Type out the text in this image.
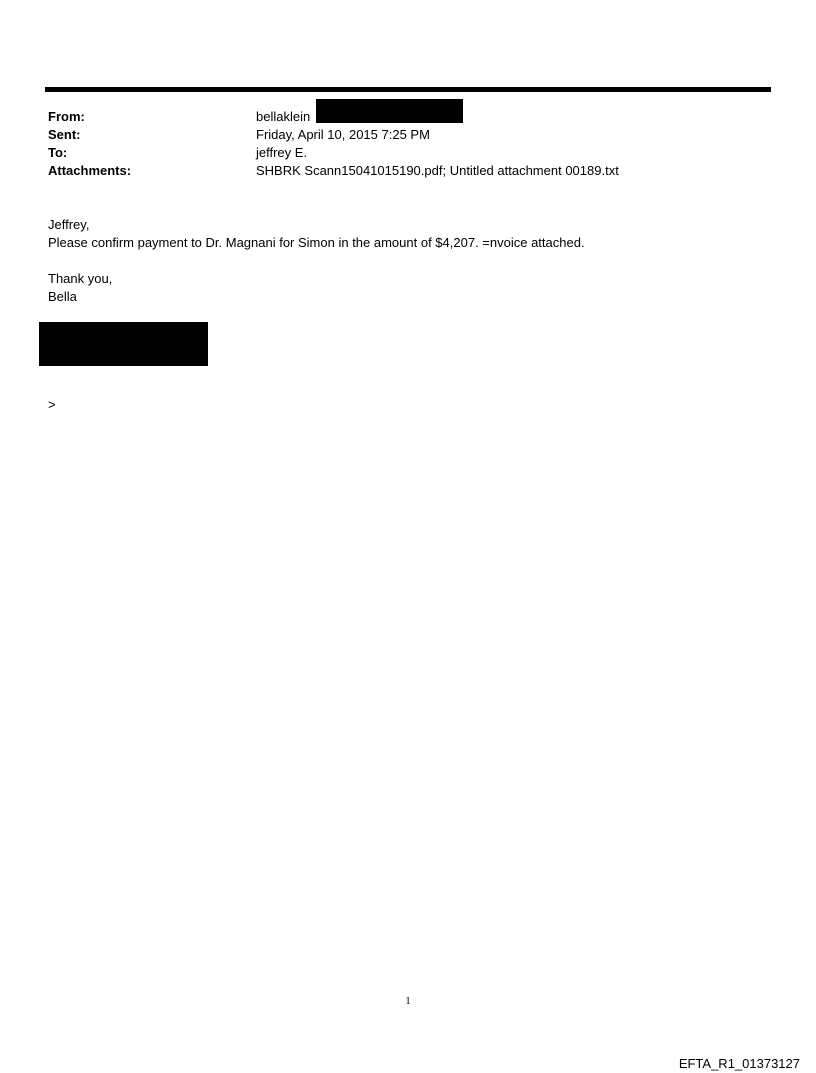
From:	bellaklein
Sent:	Friday, April 10, 2015 7:25 PM
To:	jeffrey E.
Attachments:	SHBRK Scann15041015190.pdf; Untitled attachment 00189.txt
Jeffrey,
Please confirm payment to Dr. Magnani for Simon in the amount of $4,207. =nvoice attached.
Thank you,
Bella
>
1
EFTA_R1_01373127
